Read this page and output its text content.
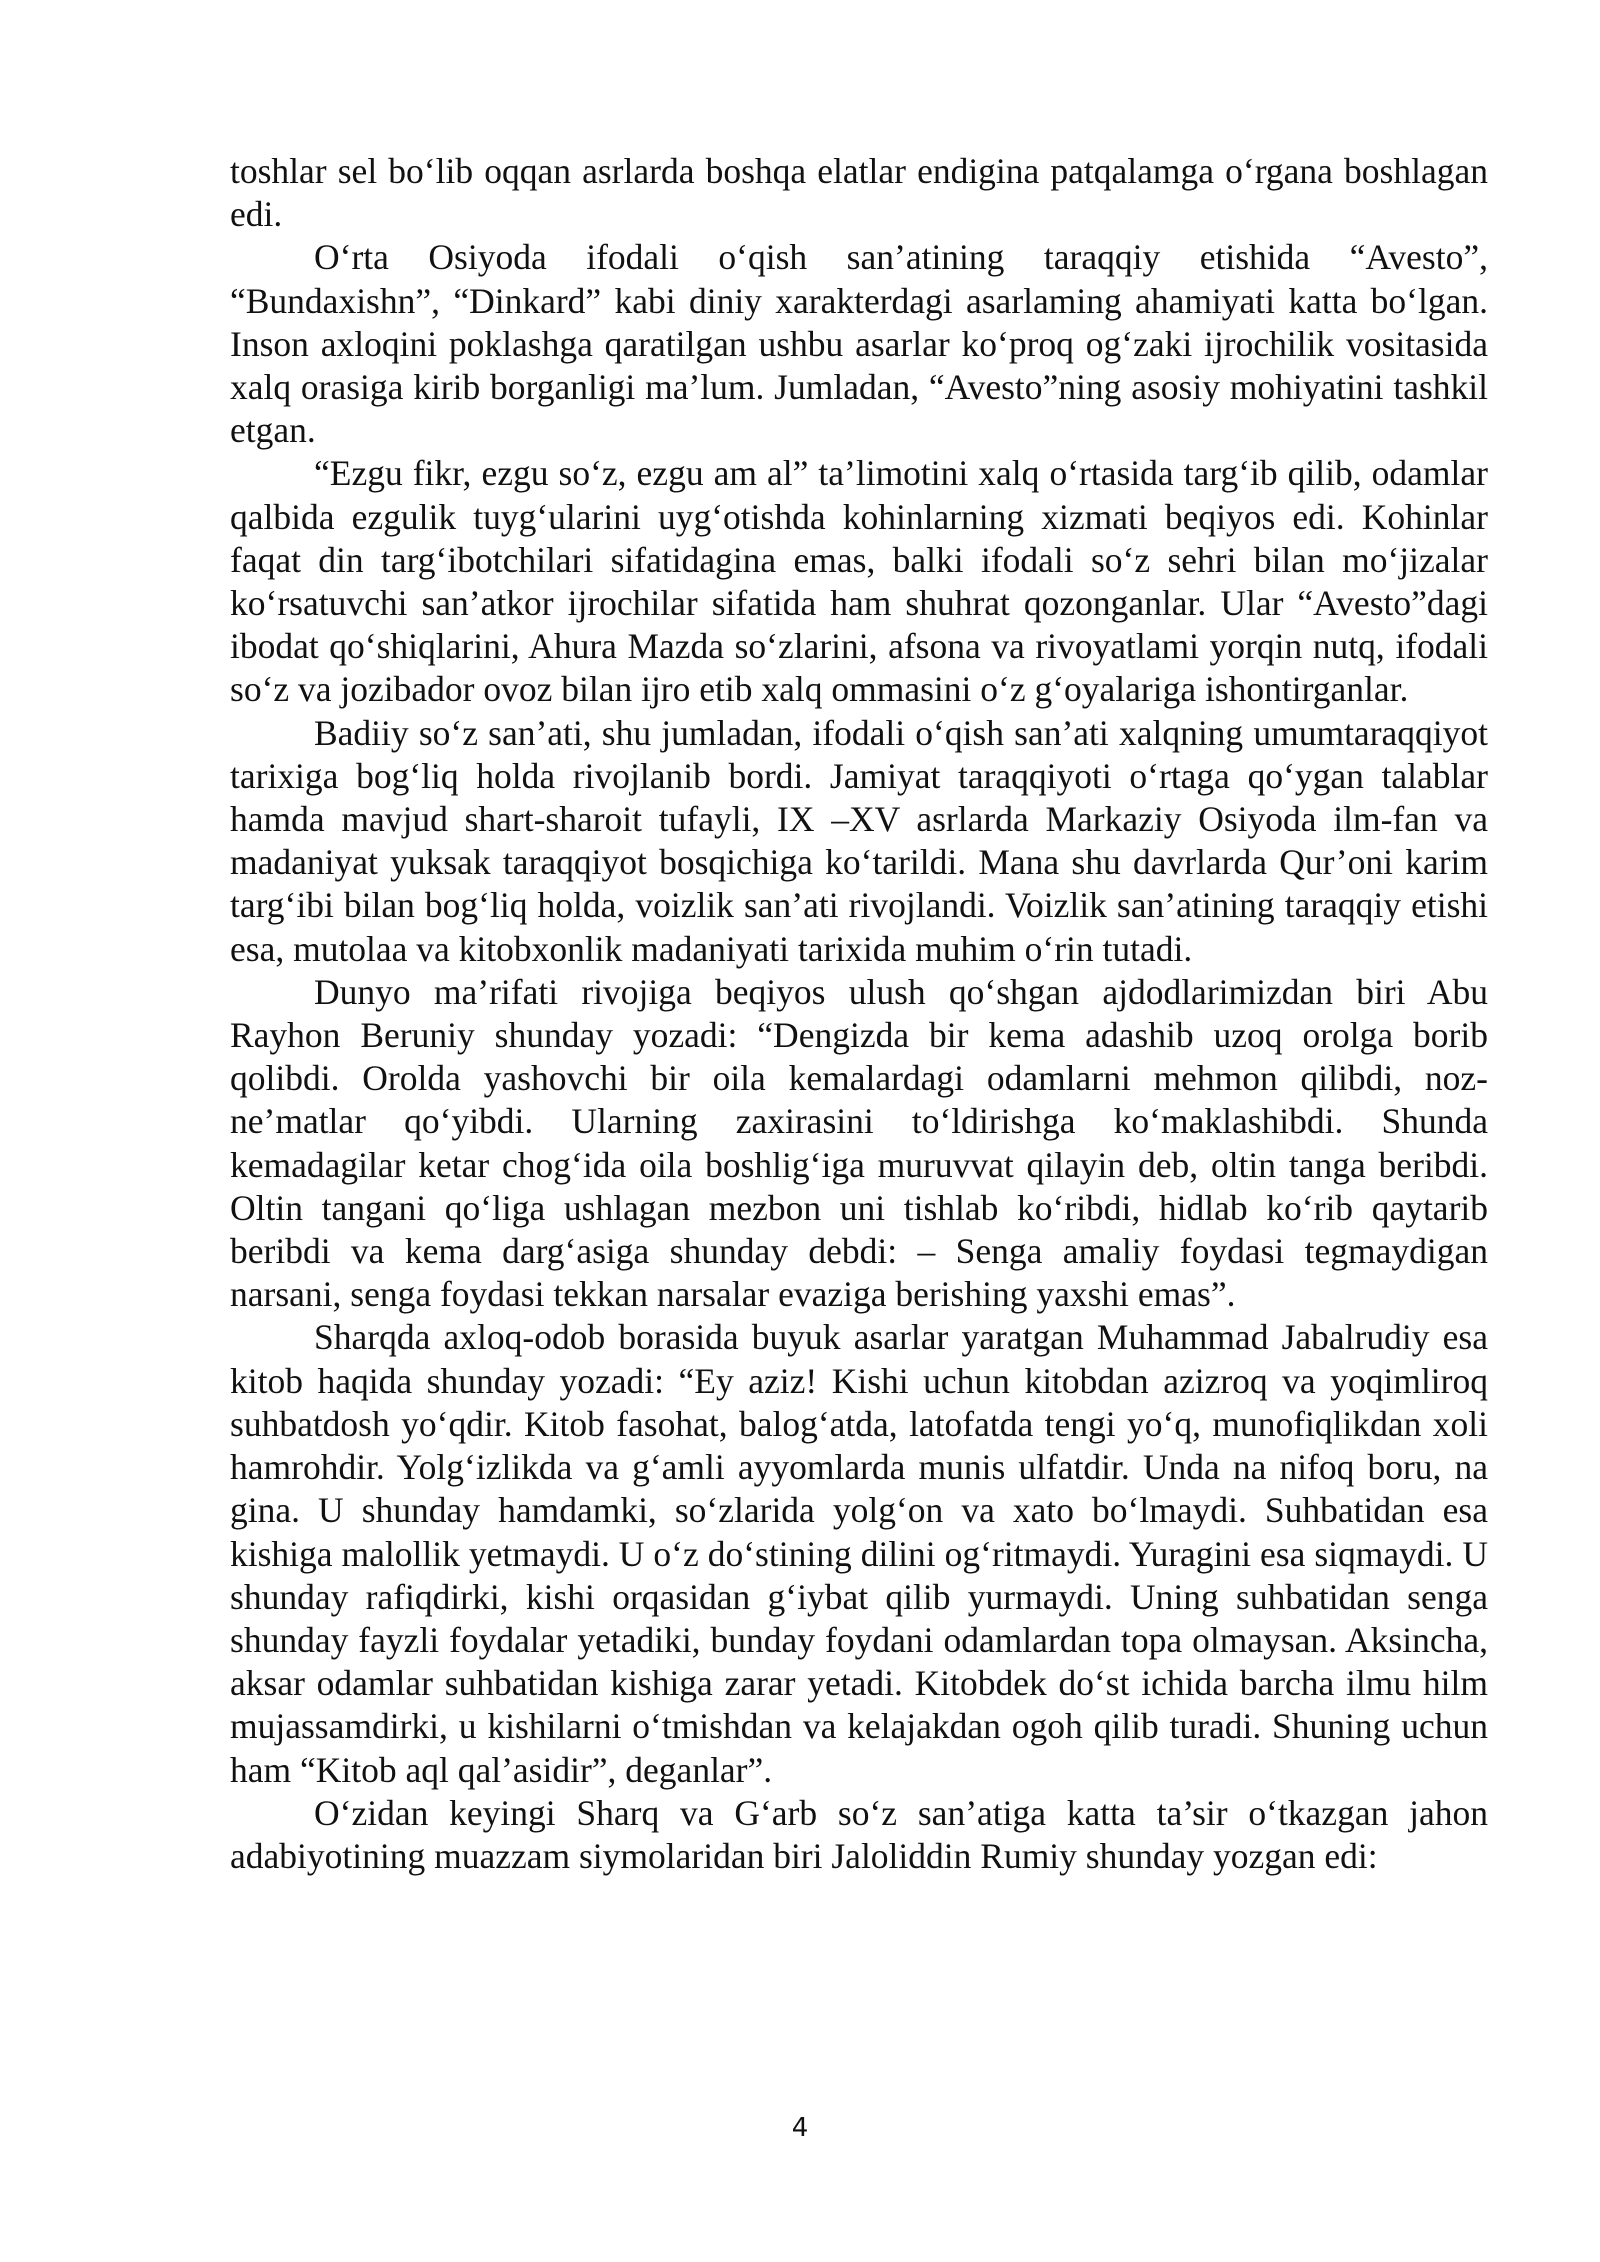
toshlar sel bo‘lib oqqan asrlarda boshqa elatlar endigina patqalamga o‘rgana boshlagan edi.

O‘rta Osiyoda ifodali o‘qish san’atining taraqqiy etishida “Avesto”, “Bundaxishn”, “Dinkard” kabi diniy xarakterdagi asarlaming ahamiyati katta bo‘lgan. Inson axloqini poklashga qaratilgan ushbu asarlar ko‘proq og‘zaki ijrochilik vositasida xalq orasiga kirib borganligi ma’lum. Jumladan, “Avesto”ning asosiy mohiyatini tashkil etgan.

“Ezgu fikr, ezgu so‘z, ezgu am al” ta’limotini xalq o‘rtasida targ‘ib qilib, odamlar qalbida ezgulik tuyg‘ularini uyg‘otishda kohinlarning xizmati beqiyos edi. Kohinlar faqat din targ‘ibotchilari sifatidagina emas, balki ifodali so‘z sehri bilan mo‘jizalar ko‘rsatuvchi san’atkor ijrochilar sifatida ham shuhrat qozonganlar. Ular “Avesto”dagi ibodat qo‘shiqlarini, Ahura Mazda so‘zlarini, afsona va rivoyatlami yorqin nutq, ifodali so‘z va jozibador ovoz bilan ijro etib xalq ommasini o‘z g‘oyalariga ishontirganlar.

Badiiy so‘z san’ati, shu jumladan, ifodali o‘qish san’ati xalqning umumtaraqqiyot tarixiga bog‘liq holda rivojlanib bordi. Jamiyat taraqqiyoti o‘rtaga qo‘ygan talablar hamda mavjud shart-sharoit tufayli, IX –XV asrlarda Markaziy Osiyoda ilm-fan va madaniyat yuksak taraqqiyot bosqichiga ko‘tarildi. Mana shu davrlarda Qur’oni karim targ‘ibi bilan bog‘liq holda, voizlik san’ati rivojlandi. Voizlik san’atining taraqqiy etishi esa, mutolaa va kitobxonlik madaniyati tarixida muhim o‘rin tutadi.

Dunyo ma’rifati rivojiga beqiyos ulush qo‘shgan ajdodlarimizdan biri Abu Rayhon Beruniy shunday yozadi: “Dengizda bir kema adashib uzoq orolga borib qolibdi. Orolda yashovchi bir oila kemalardagi odamlarni mehmon qilibdi, noz-ne’matlar qo‘yibdi. Ularning zaxirasini to‘ldirishga ko‘maklashibdi. Shunda kemadagilar ketar chog‘ida oila boshlig‘iga muruvvat qilayin deb, oltin tanga beribdi. Oltin tangani qo‘liga ushlagan mezbon uni tishlab ko‘ribdi, hidlab ko‘rib qaytarib beribdi va kema darg‘asiga shunday debdi: – Senga amaliy foydasi tegmaydigan narsani, senga foydasi tekkan narsalar evaziga berishing yaxshi emas”.

Sharqda axloq-odob borasida buyuk asarlar yaratgan Muhammad Jabalrudiy esa kitob haqida shunday yozadi: “Ey aziz! Kishi uchun kitobdan azizroq va yoqimliroq suhbatdosh yo‘qdir. Kitob fasohat, balog‘atda, latofatda tengi yo‘q, munofiqlikdan xoli hamrohdir. Yolg‘izlikda va g‘amli ayyomlarda munis ulfatdir. Unda na nifoq boru, na gina. U shunday hamdamki, so‘zlarida yolg‘on va xato bo‘lmaydi. Suhbatidan esa kishiga malollik yetmaydi. U o‘z do‘stining dilini og‘ritmaydi. Yuragini esa siqmaydi. U shunday rafiqdirki, kishi orqasidan g‘iybat qilib yurmaydi. Uning suhbatidan senga shunday fayzli foydalar yetadiki, bunday foydani odamlardan topa olmaysan. Aksincha, aksar odamlar suhbatidan kishiga zarar yetadi. Kitobdek do‘st ichida barcha ilmu hilm mujassamdirki, u kishilarni o‘tmishdan va kelajakdan ogoh qilib turadi. Shuning uchun ham “Kitob aql qal’asidir”, deganlar”.

O‘zidan keyingi Sharq va G‘arb so‘z san’atiga katta ta’sir o‘tkazgan jahon adabiyotining muazzam siymolaridan biri Jaloliddin Rumiy shunday yozgan edi:

4
